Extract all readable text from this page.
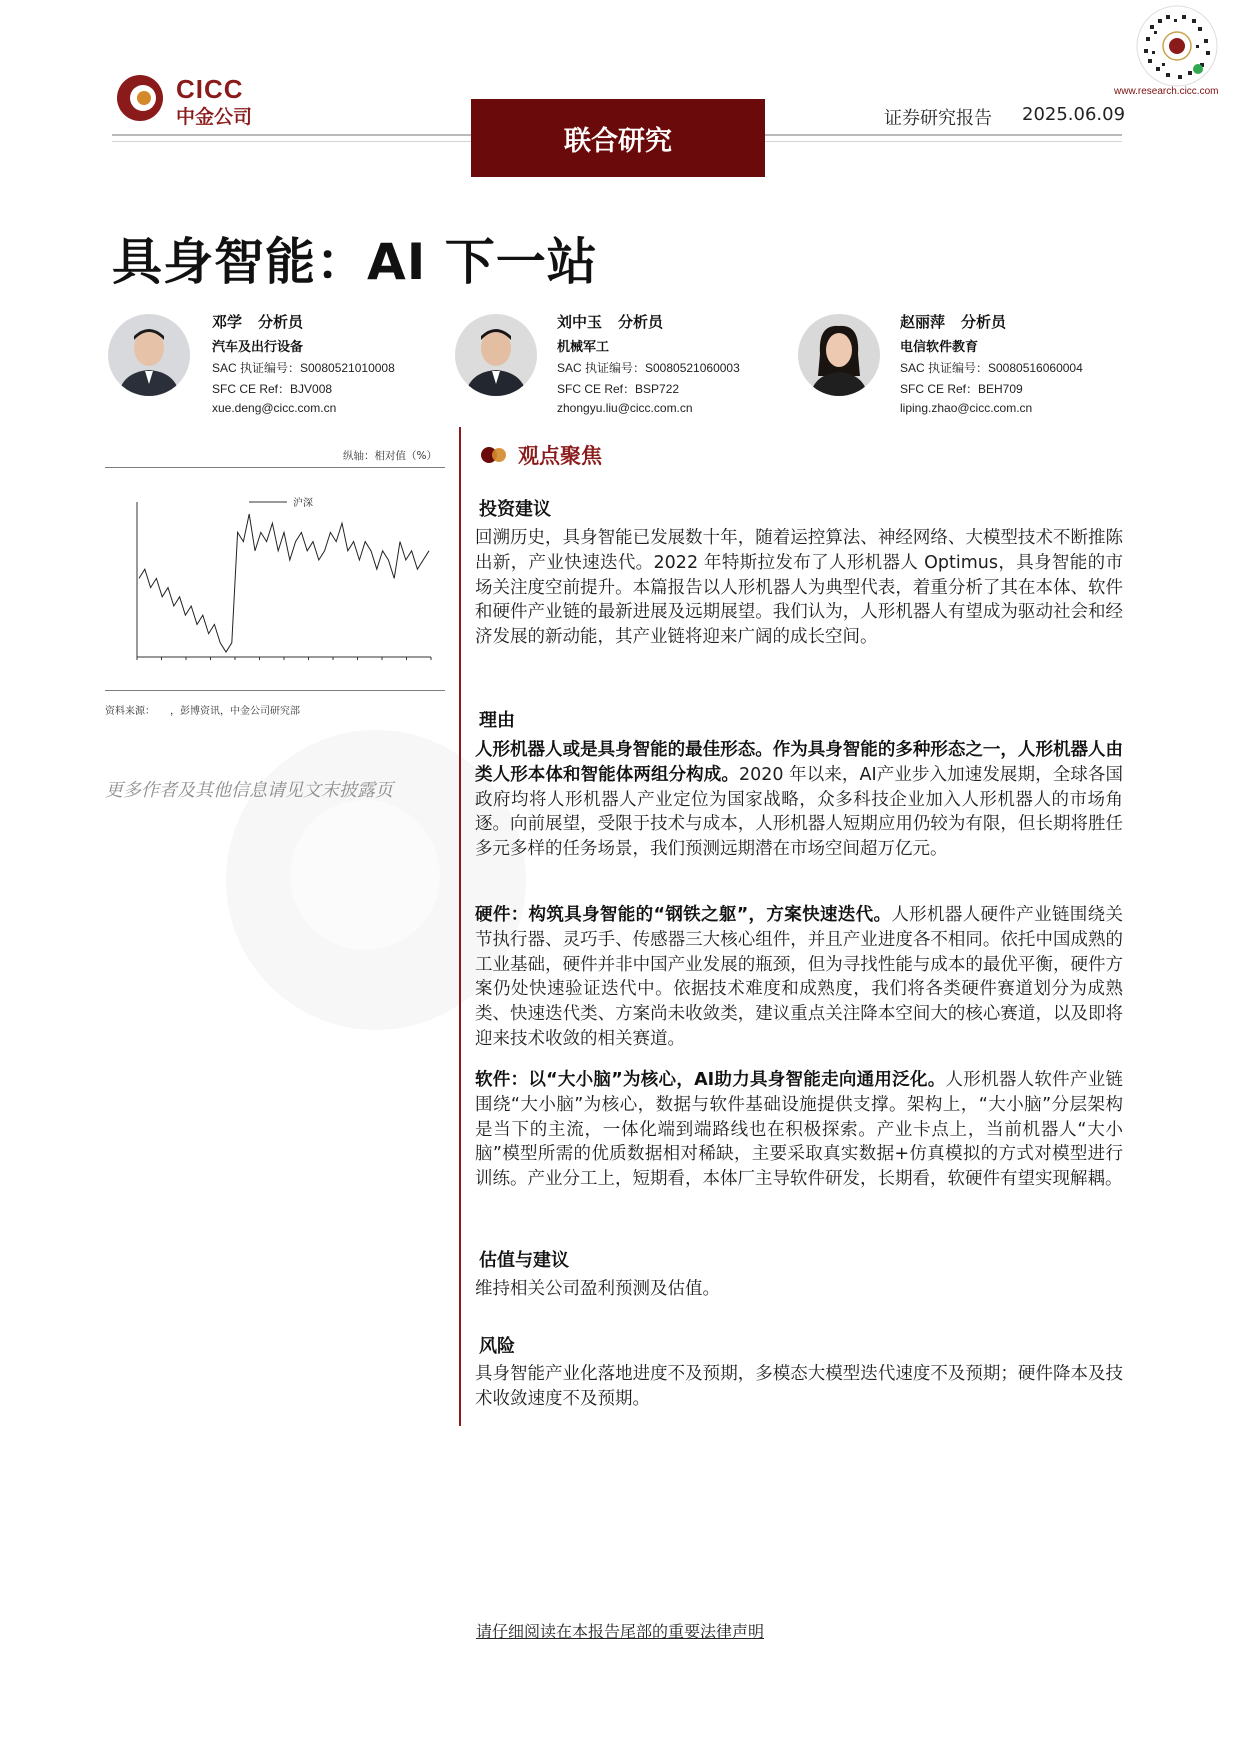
CICC
中金公司
联合研究
证券研究报告 2025.06.09
www.research.cicc.com
具身智能：AI 下一站
邓学 分析员
汽车及出行设备
SAC 执证编号：S0080521010008
SFC CE Ref：BJV008
xue.deng@cicc.com.cn
刘中玉 分析员
机械军工
SAC 执证编号：S0080521060003
SFC CE Ref：BSP722
zhongyu.liu@cicc.com.cn
赵丽萍 分析员
电信软件教育
SAC 执证编号：S0080516060004
SFC CE Ref：BEH709
liping.zhao@cicc.com.cn
纵轴：相对值（%）
沪深
资料来源：　　，彭博资讯，中金公司研究部
更多作者及其他信息请见文末披露页
观点聚焦
投资建议
回溯历史，具身智能已发展数十年，随着运控算法、神经网络、大模型技术不断推陈出新，产业快速迭代。2022 年特斯拉发布了人形机器人 Optimus，具身智能的市场关注度空前提升。本篇报告以人形机器人为典型代表，着重分析了其在本体、软件和硬件产业链的最新进展及远期展望。我们认为，人形机器人有望成为驱动社会和经济发展的新动能，其产业链将迎来广阔的成长空间。
理由
人形机器人或是具身智能的最佳形态。作为具身智能的多种形态之一，人形机器人由类人形本体和智能体两组分构成。2020 年以来，AI产业步入加速发展期，全球各国政府均将人形机器人产业定位为国家战略，众多科技企业加入人形机器人的市场角逐。向前展望，受限于技术与成本，人形机器人短期应用仍较为有限，但长期将胜任多元多样的任务场景，我们预测远期潜在市场空间超万亿元。
硬件：构筑具身智能的“钢铁之躯”，方案快速迭代。人形机器人硬件产业链围绕关节执行器、灵巧手、传感器三大核心组件，并且产业进度各不相同。依托中国成熟的工业基础，硬件并非中国产业发展的瓶颈，但为寻找性能与成本的最优平衡，硬件方案仍处快速验证迭代中。依据技术难度和成熟度，我们将各类硬件赛道划分为成熟类、快速迭代类、方案尚未收敛类，建议重点关注降本空间大的核心赛道，以及即将迎来技术收敛的相关赛道。
软件：以“大小脑”为核心，AI助力具身智能走向通用泛化。人形机器人软件产业链围绕“大小脑”为核心，数据与软件基础设施提供支撑。架构上，“大小脑”分层架构是当下的主流，一体化端到端路线也在积极探索。产业卡点上，当前机器人“大小脑”模型所需的优质数据相对稀缺，主要采取真实数据+仿真模拟的方式对模型进行训练。产业分工上，短期看，本体厂主导软件研发，长期看，软硬件有望实现解耦。
估值与建议
维持相关公司盈利预测及估值。
风险
具身智能产业化落地进度不及预期，多模态大模型迭代速度不及预期；硬件降本及技术收敛速度不及预期。
请仔细阅读在本报告尾部的重要法律声明
